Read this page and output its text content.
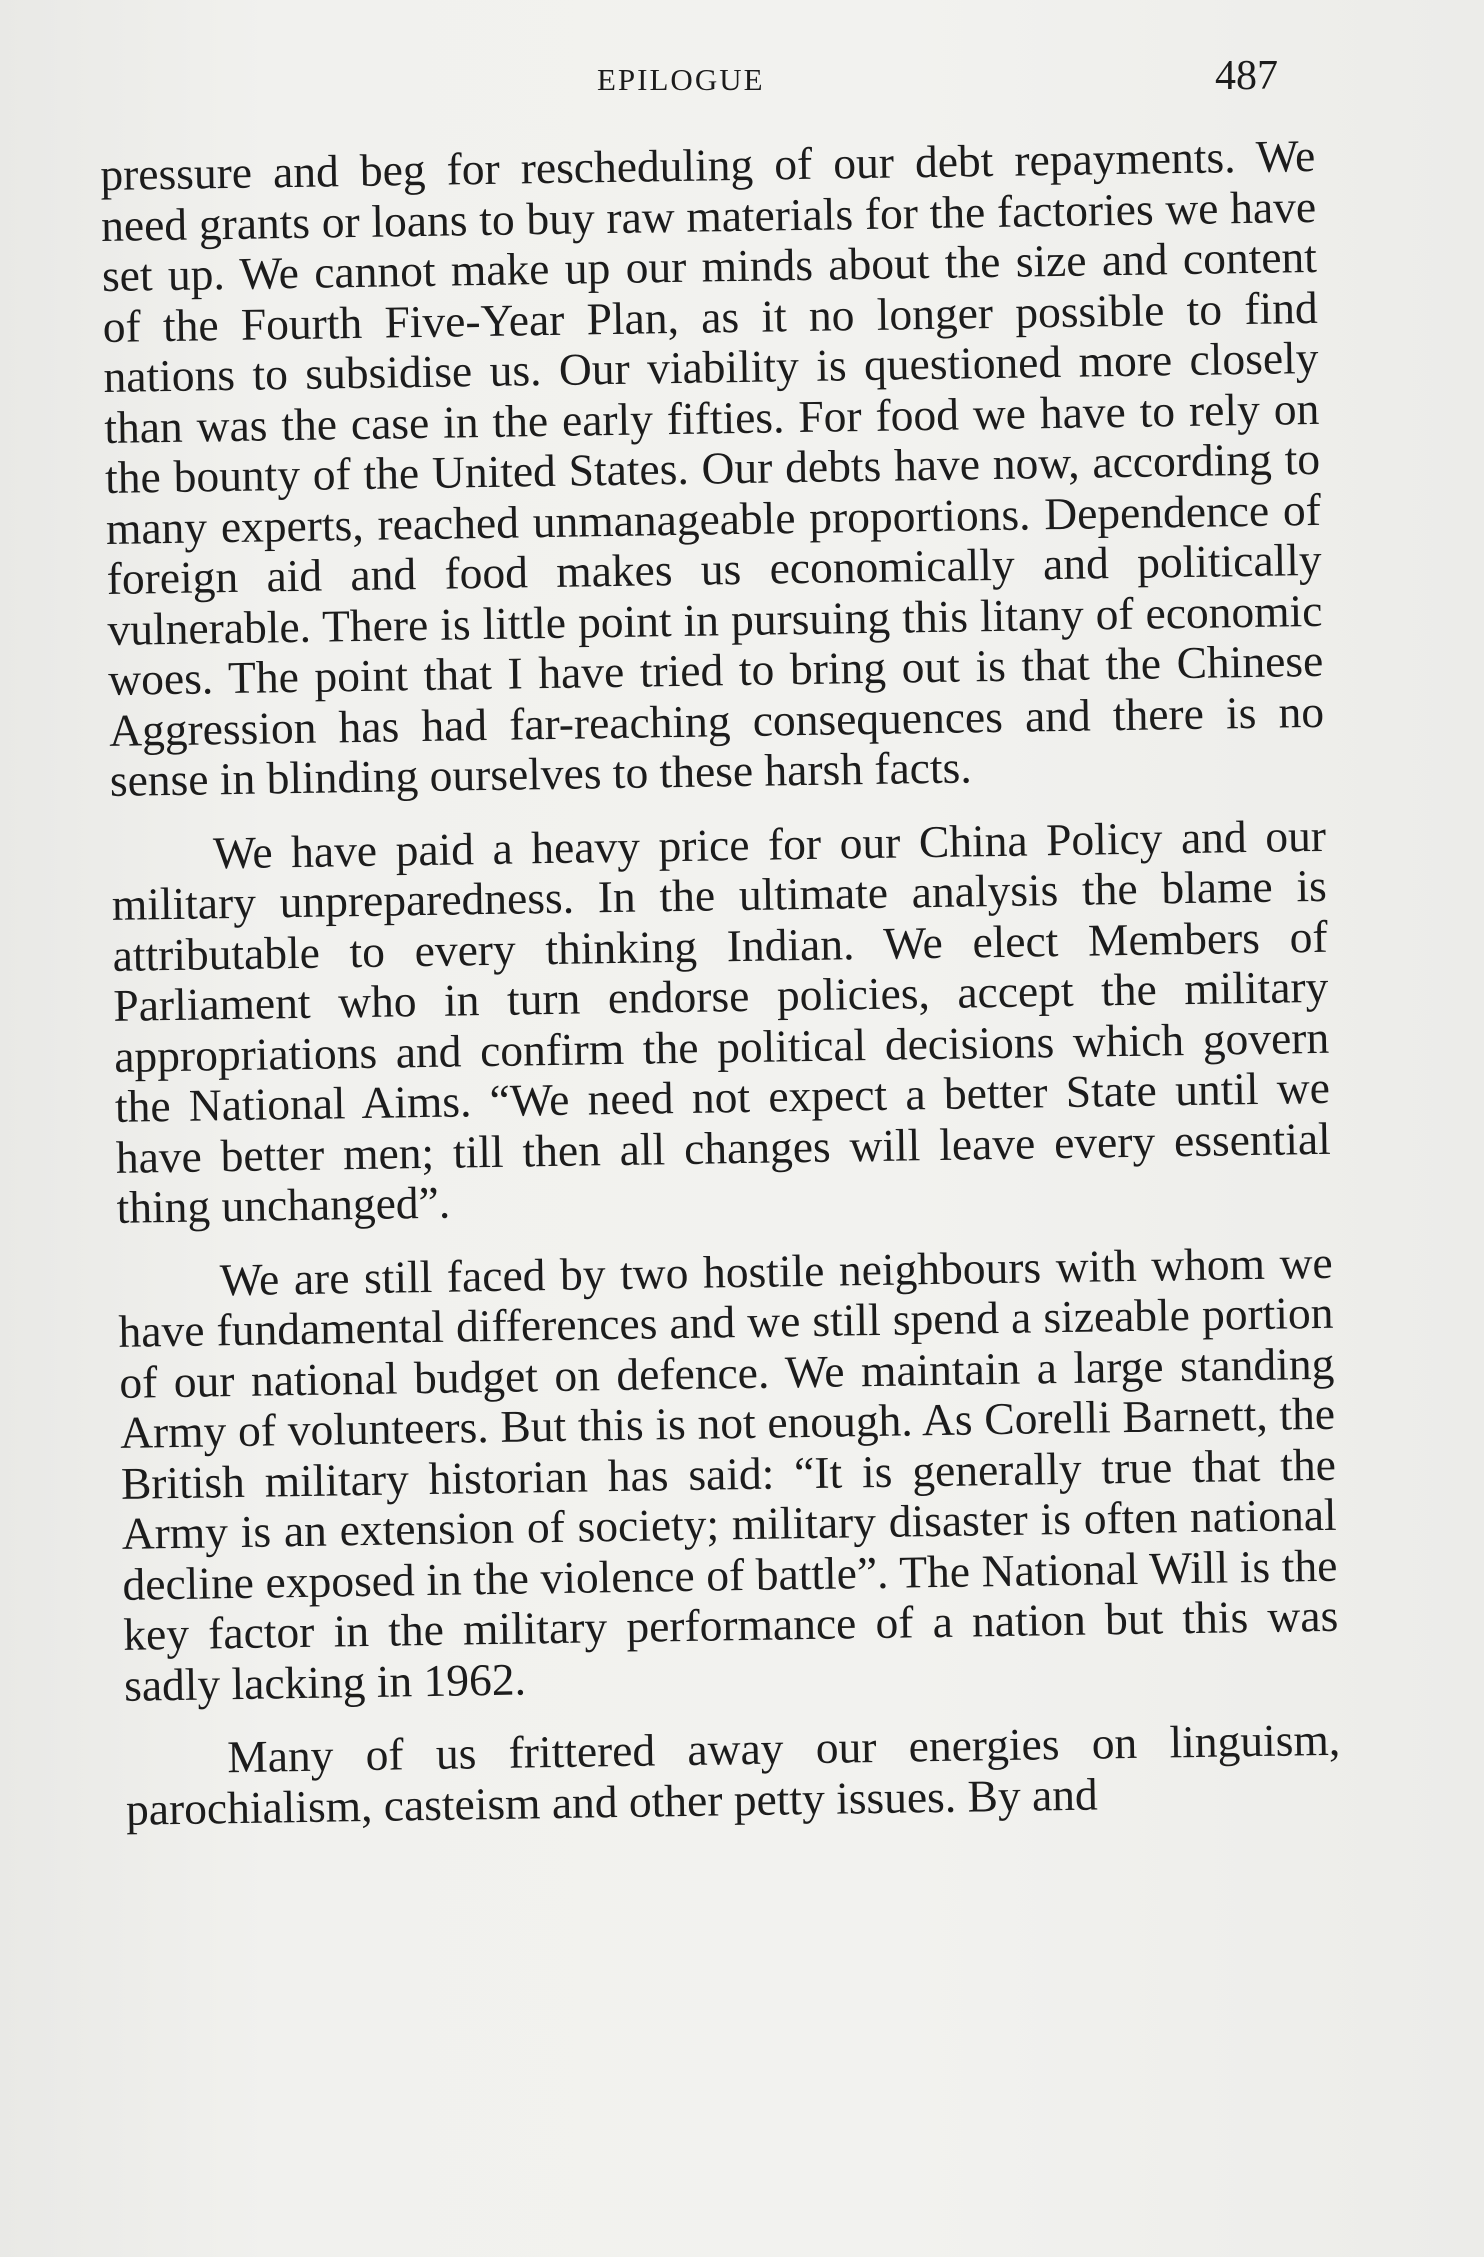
EPILOGUE	487

pressure and beg for rescheduling of our debt repayments. We need grants or loans to buy raw materials for the factories we have set up. We cannot make up our minds about the size and content of the Fourth Five-Year Plan, as it no longer possible to find nations to subsidise us. Our viability is questioned more closely than was the case in the early fifties. For food we have to rely on the bounty of the United States. Our debts have now, according to many experts, reached unmanageable proportions. Dependence of foreign aid and food makes us economically and politically vulnerable. There is little point in pursuing this litany of economic woes. The point that I have tried to bring out is that the Chinese Aggression has had far-reaching consequences and there is no sense in blinding ourselves to these harsh facts.

We have paid a heavy price for our China Policy and our military unpreparedness. In the ultimate analysis the blame is attributable to every thinking Indian. We elect Members of Parliament who in turn endorse policies, accept the military appropriations and confirm the political decisions which govern the National Aims. “We need not expect a better State until we have better men; till then all changes will leave every essential thing unchanged”.

We are still faced by two hostile neighbours with whom we have fundamental differences and we still spend a sizeable portion of our national budget on defence. We maintain a large standing Army of volunteers. But this is not enough. As Corelli Barnett, the British military historian has said: “It is generally true that the Army is an extension of society; military disaster is often national decline exposed in the violence of battle”. The National Will is the key factor in the military performance of a nation but this was sadly lacking in 1962.

Many of us frittered away our energies on linguism, parochialism, casteism and other petty issues. By and
